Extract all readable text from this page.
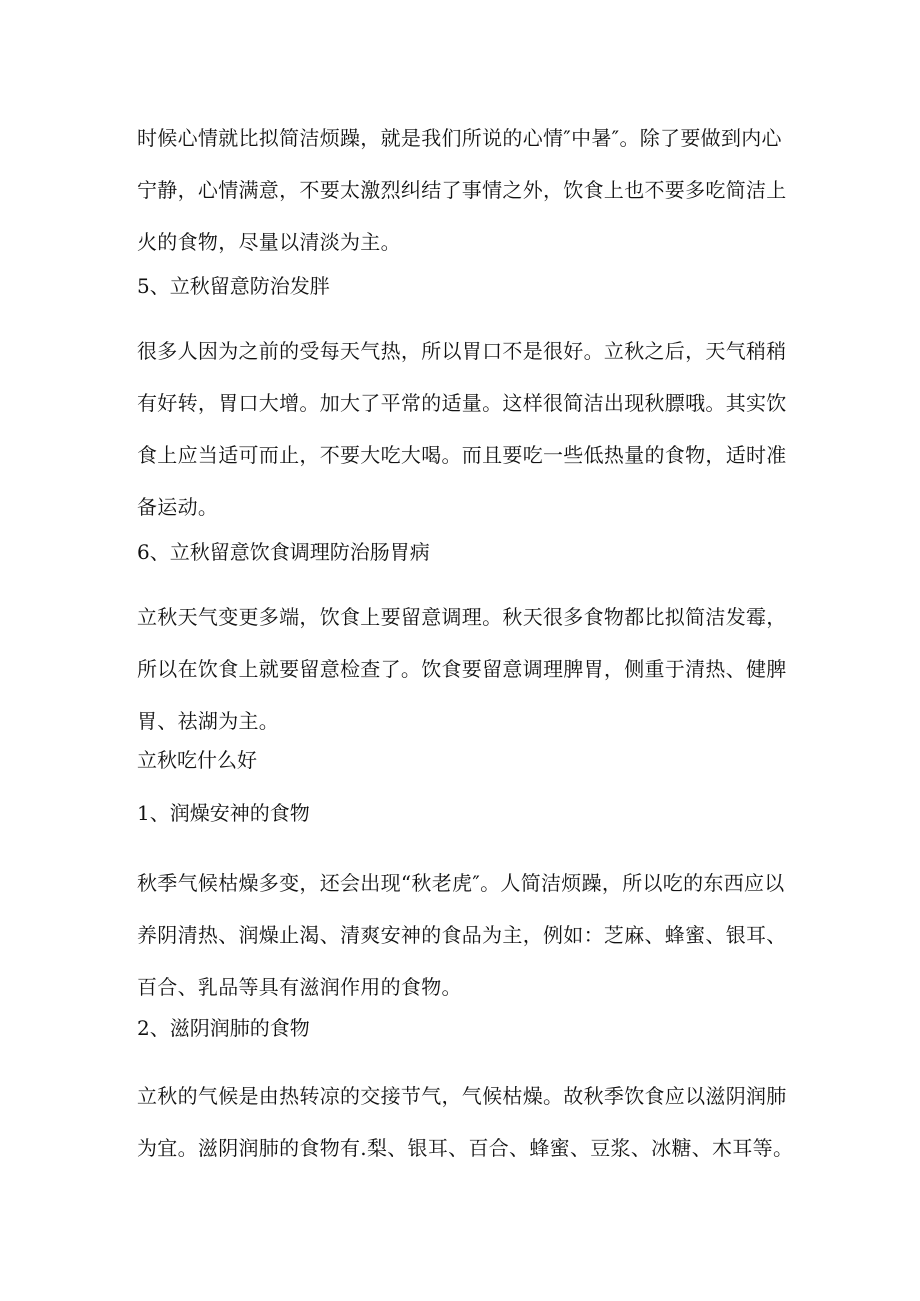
时候心情就比拟简洁烦躁，就是我们所说的心情″中暑″。除了要做到内心
宁静，心情满意，不要太激烈纠结了事情之外，饮食上也不要多吃简洁上
火的食物，尽量以清淡为主。
5、立秋留意防治发胖
很多人因为之前的受每天气热，所以胃口不是很好。立秋之后，天气稍稍
有好转，胃口大增。加大了平常的适量。这样很简洁出现秋膘哦。其实饮
食上应当适可而止，不要大吃大喝。而且要吃一些低热量的食物，适时准
备运动。
6、立秋留意饮食调理防治肠胃病
立秋天气变更多端，饮食上要留意调理。秋天很多食物都比拟简洁发霉，
所以在饮食上就要留意检查了。饮食要留意调理脾胃，侧重于清热、健脾
胃、祛湖为主。
立秋吃什么好
1、润燥安神的食物
秋季气候枯燥多变，还会出现“秋老虎″。人简洁烦躁，所以吃的东西应以
养阴清热、润燥止渴、清爽安神的食品为主，例如：芝麻、蜂蜜、银耳、
百合、乳品等具有滋润作用的食物。
2、滋阴润肺的食物
立秋的气候是由热转凉的交接节气，气候枯燥。故秋季饮食应以滋阴润肺
为宜。滋阴润肺的食物有.梨、银耳、百合、蜂蜜、豆浆、冰糖、木耳等。
